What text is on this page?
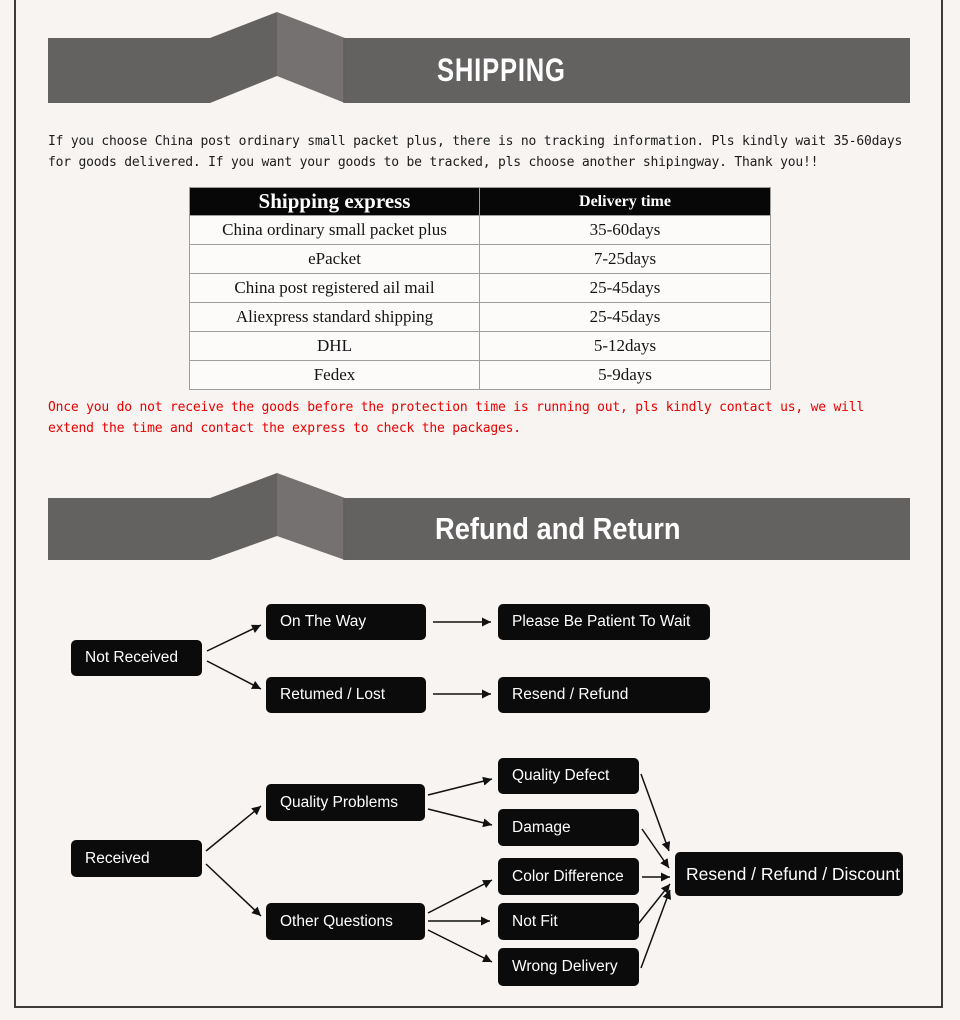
SHIPPING
If you choose China post ordinary small packet plus, there is no tracking information. Pls kindly wait 35-60days
for goods delivered. If you want your goods to be tracked, pls choose another shipingway. Thank you!!
Shipping express	Delivery time
China ordinary small packet plus	35-60days
ePacket	7-25days
China post registered ail mail	25-45days
Aliexpress standard shipping	25-45days
DHL	5-12days
Fedex	5-9days
Once you do not receive the goods before the protection time is running out, pls kindly contact us, we will
extend the time and contact the express to check the packages.
Refund and Return
Not Received
On The Way	Please Be Patient To Wait
Retumed / Lost	Resend / Refund
Received
Quality Problems
Other Questions
Quality Defect
Damage
Color Difference
Not Fit
Wrong Delivery
Resend / Refund / Discount
